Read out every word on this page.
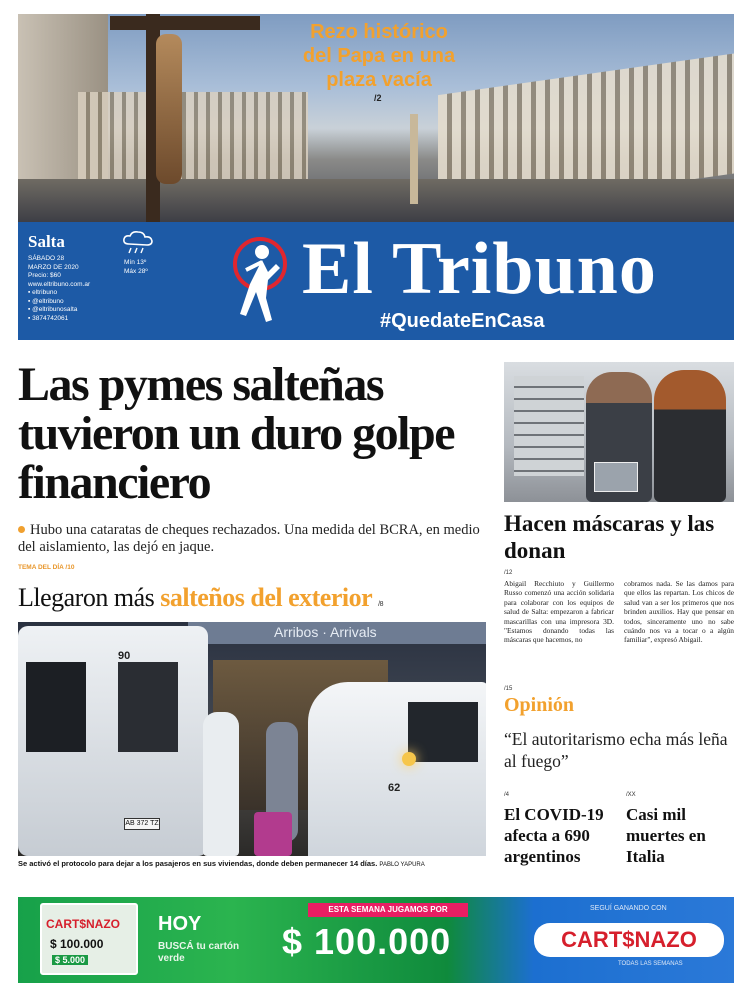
Rezo histórico
del Papa en una
plaza vacía
/2
Salta
SÁBADO 28
MARZO DE 2020
Precio: $60
www.eltribuno.com.ar
▪ eltribuno
▪ @eltribuno
▪ @eltribunosalta
▪ 3874742061
Mín 13º
Máx 28º El Tribuno
#QuedateEnCasa
Las pymes salteñas tuvieron un duro golpe financiero
Hubo una cataratas de cheques rechazados. Una medida del BCRA, en medio del aislamiento, las dejó en jaque.
TEMA DEL DÍA /10
Llegaron más salteños del exterior /8
Arribos · Arrivals
90
AB 372 TZ
62
Se activó el protocolo para dejar a los pasajeros en sus viviendas, donde deben permanecer 14 días. PABLO YAPURA
Hacen máscaras y las donan
/12

Abigail Recchiuto y Guillermo Russo comenzó una acción solidaria para colaborar con los equipos de salud de Salta: empezaron a fabricar mascarillas con una impresora 3D. "Estamos donando todas las máscaras que hacemos, no

cobramos nada. Se las damos para que ellos las repartan. Los chicos de salud van a ser los primeros que nos brinden auxilios. Hay que pensar en todos, sinceramente uno no sabe cuándo nos va a tocar o a algún familiar", expresó Abigail.

/15
Opinión
“El autoritarismo echa más leña al fuego”
/4
El COVID-19 afecta a 690 argentinos
/XX
Casi mil muertes en Italia
CART$NAZO
$ 100.000
$ 5.000
HOY
BUSCÁ tu cartón verde
ESTA SEMANA JUGAMOS POR
$ 100.000
SEGUÍ GANANDO CON
CART$NAZO
TODAS LAS SEMANAS
